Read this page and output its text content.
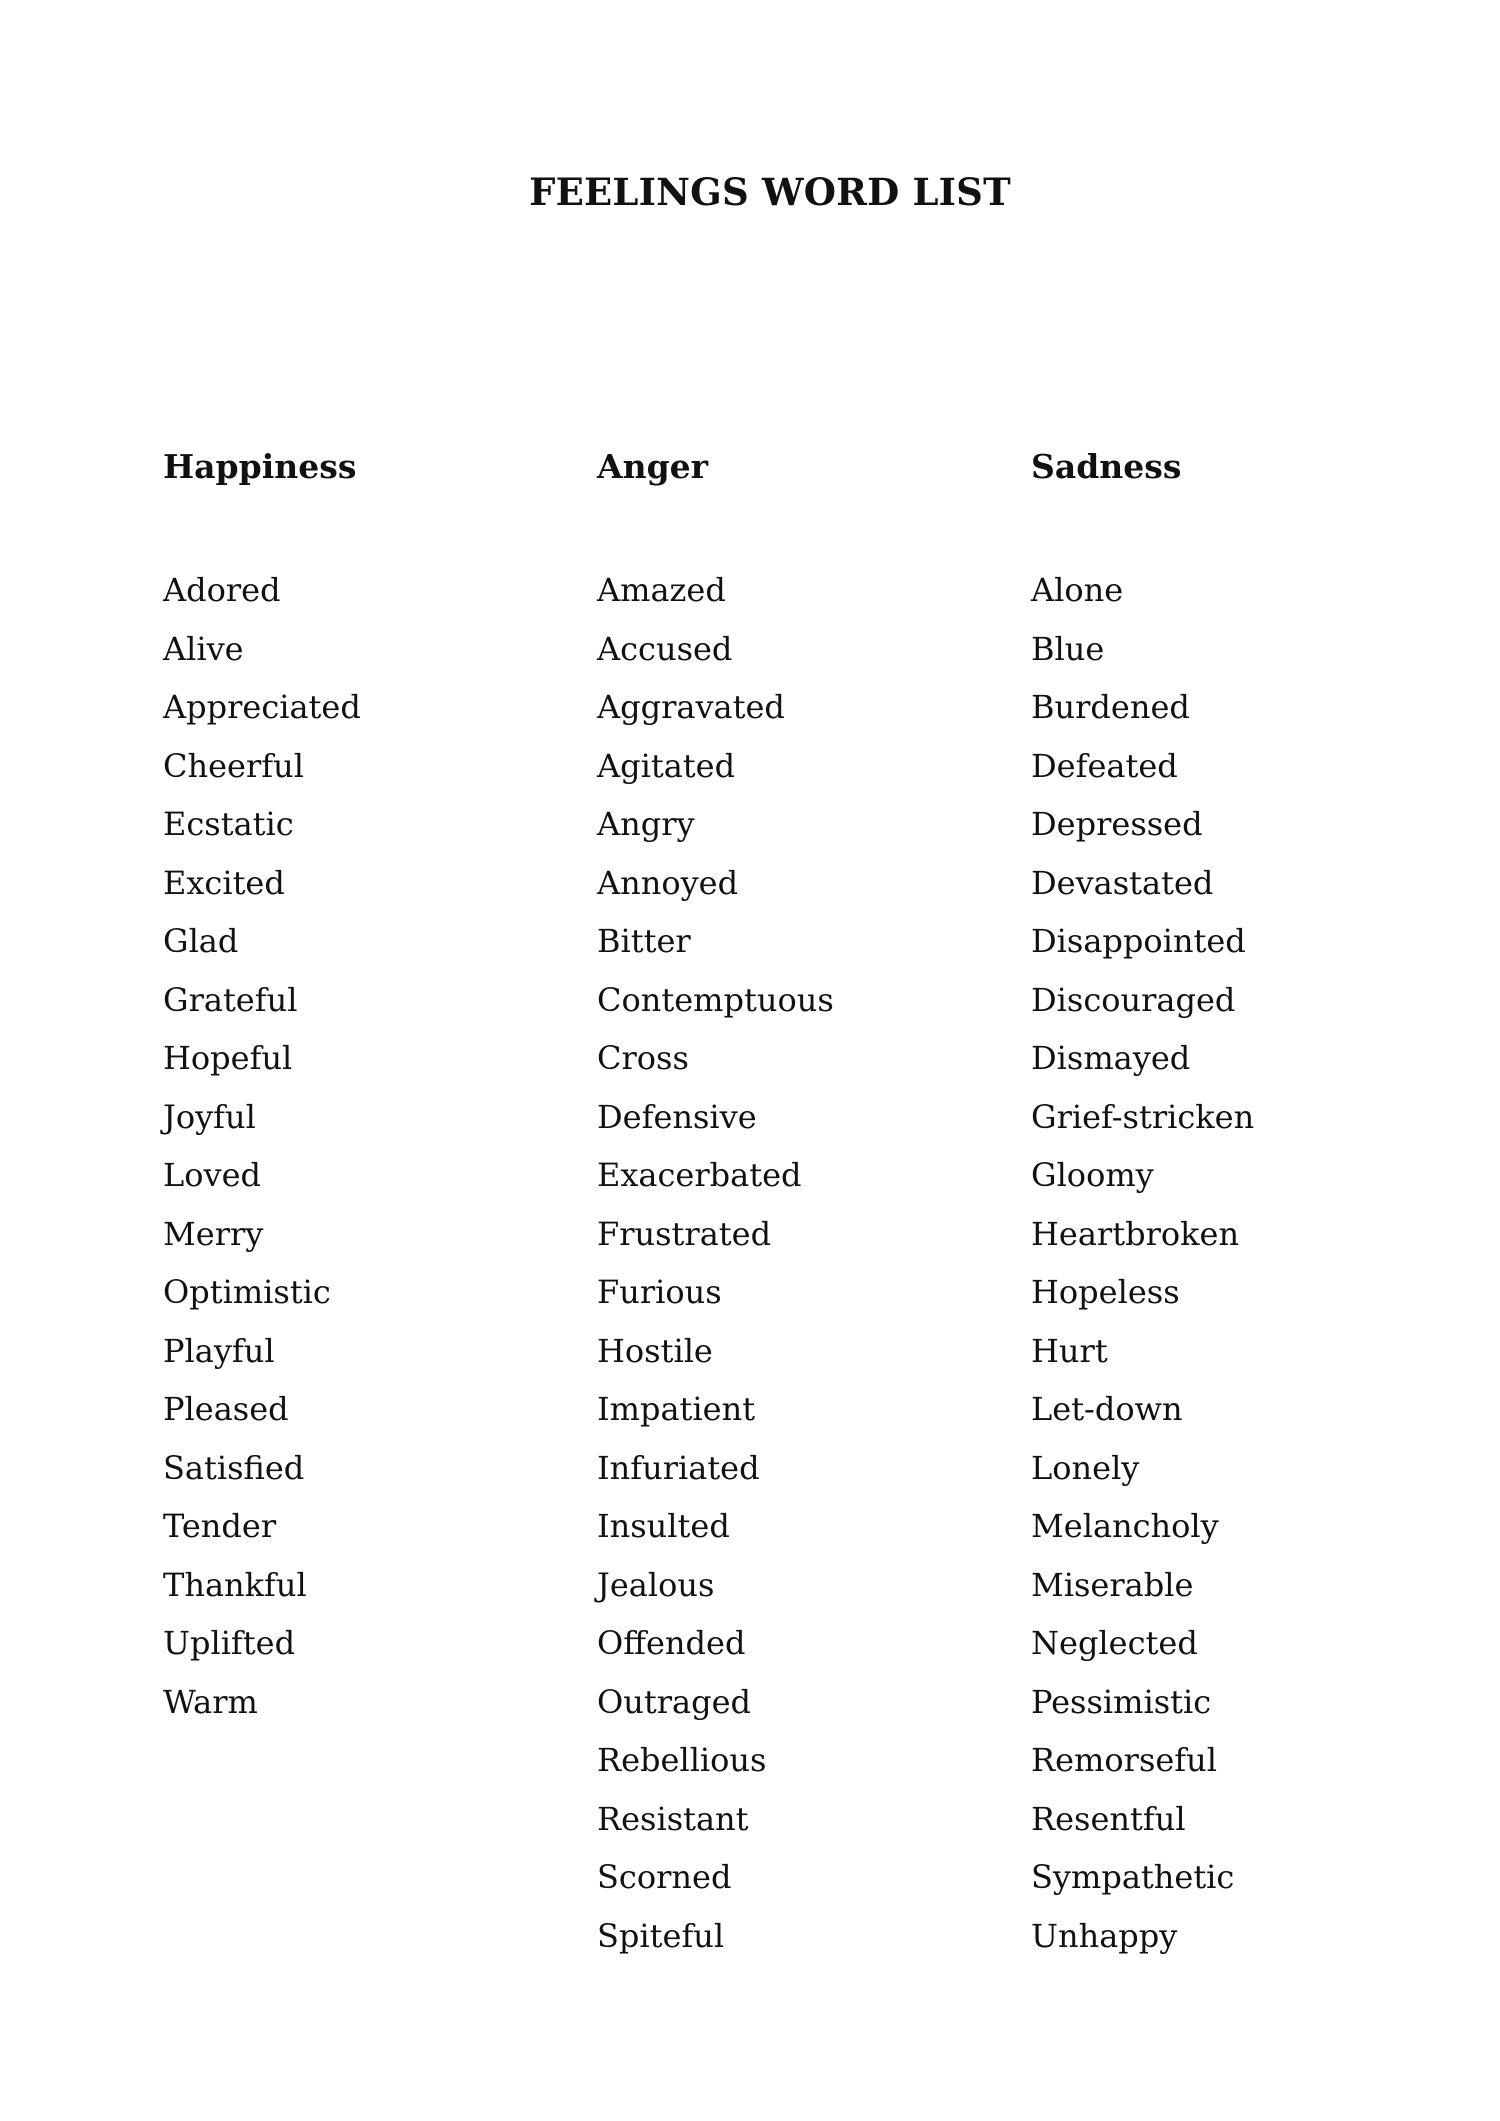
FEELINGS WORD LIST
Happiness
Adored
Alive
Appreciated
Cheerful
Ecstatic
Excited
Glad
Grateful
Hopeful
Joyful
Loved
Merry
Optimistic
Playful
Pleased
Satisfied
Tender
Thankful
Uplifted
Warm
Anger
Amazed
Accused
Aggravated
Agitated
Angry
Annoyed
Bitter
Contemptuous
Cross
Defensive
Exacerbated
Frustrated
Furious
Hostile
Impatient
Infuriated
Insulted
Jealous
Offended
Outraged
Rebellious
Resistant
Scorned
Spiteful
Sadness
Alone
Blue
Burdened
Defeated
Depressed
Devastated
Disappointed
Discouraged
Dismayed
Grief-stricken
Gloomy
Heartbroken
Hopeless
Hurt
Let-down
Lonely
Melancholy
Miserable
Neglected
Pessimistic
Remorseful
Resentful
Sympathetic
Unhappy
